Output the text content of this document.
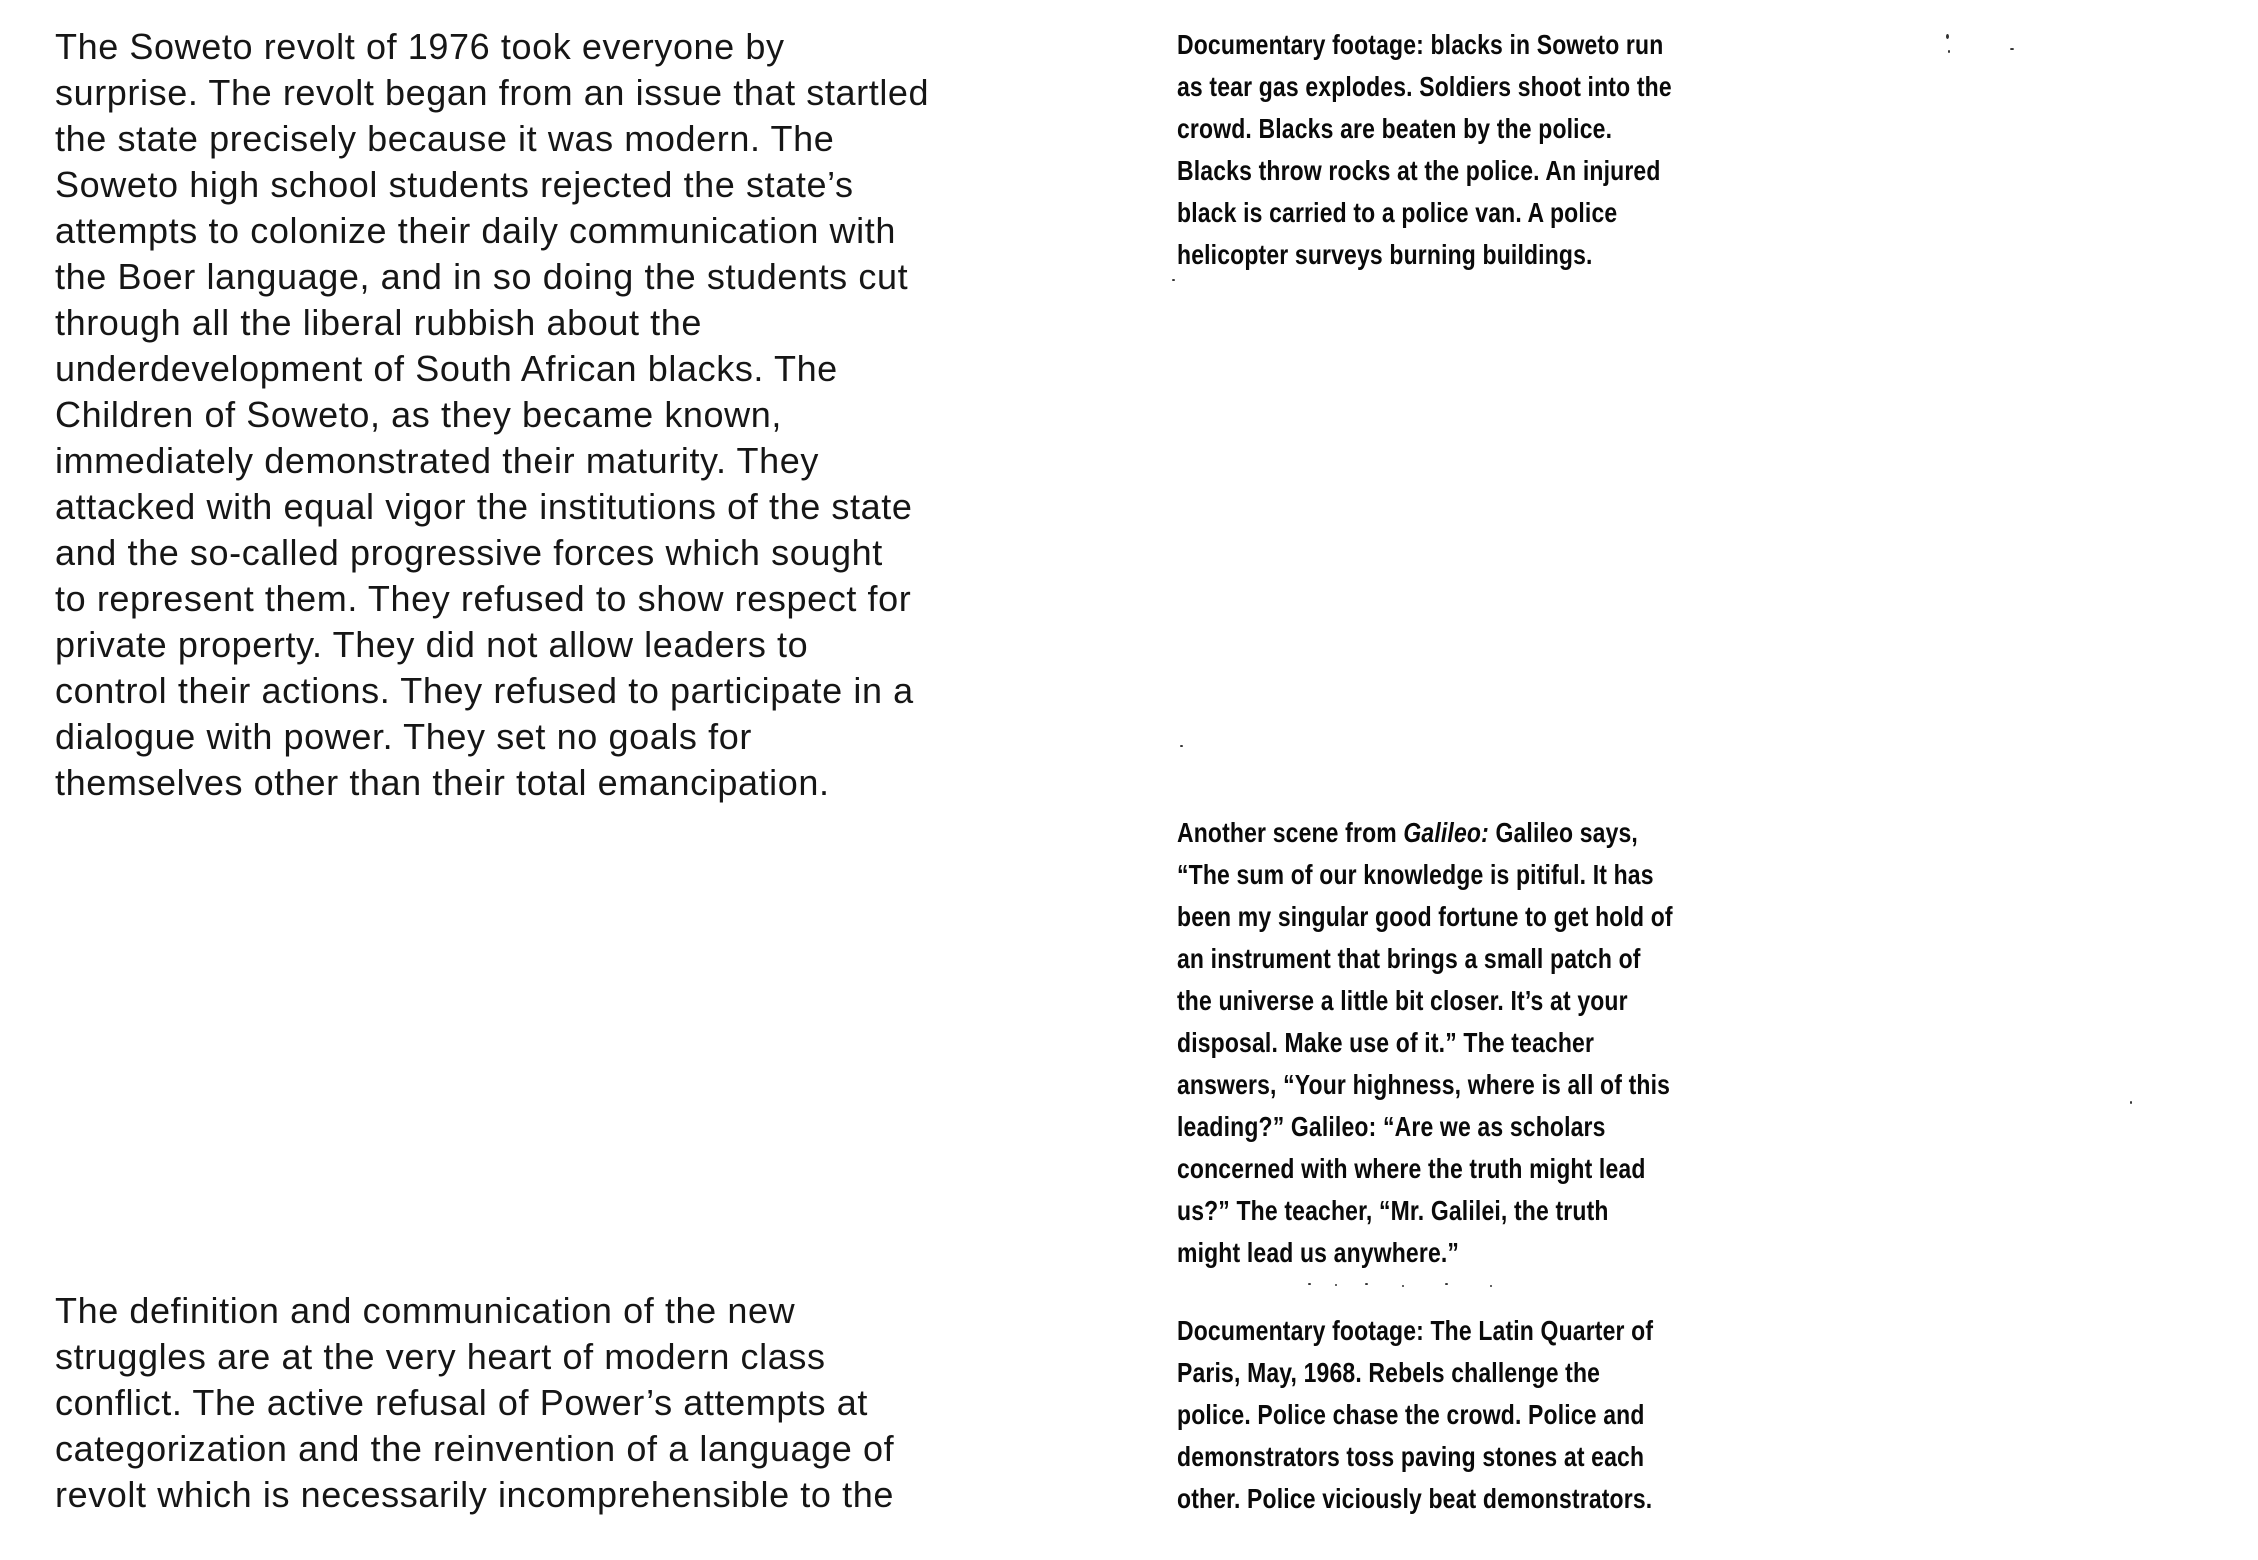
The Soweto revolt of 1976 took everyone by
surprise. The revolt began from an issue that startled
the state precisely because it was modern. The
Soweto high school students rejected the state’s
attempts to colonize their daily communication with
the Boer language, and in so doing the students cut
through all the liberal rubbish about the
underdevelopment of South African blacks. The
Children of Soweto, as they became known,
immediately demonstrated their maturity. They
attacked with equal vigor the institutions of the state
and the so-called progressive forces which sought
to represent them. They refused to show respect for
private property. They did not allow leaders to
control their actions. They refused to participate in a
dialogue with power. They set no goals for
themselves other than their total emancipation.
The definition and communication of the new
struggles are at the very heart of modern class
conflict. The active refusal of Power’s attempts at
categorization and the reinvention of a language of
revolt which is necessarily incomprehensible to the
Documentary footage: blacks in Soweto run
as tear gas explodes. Soldiers shoot into the
crowd. Blacks are beaten by the police.
Blacks throw rocks at the police. An injured
black is carried to a police van. A police
helicopter surveys burning buildings.
Another scene from Galileo: Galileo says,
“The sum of our knowledge is pitiful. It has
been my singular good fortune to get hold of
an instrument that brings a small patch of
the universe a little bit closer. It’s at your
disposal. Make use of it.” The teacher
answers, “Your highness, where is all of this
leading?” Galileo: “Are we as scholars
concerned with where the truth might lead
us?” The teacher, “Mr. Galilei, the truth
might lead us anywhere.”
Documentary footage: The Latin Quarter of
Paris, May, 1968. Rebels challenge the
police. Police chase the crowd. Police and
demonstrators toss paving stones at each
other. Police viciously beat demonstrators.
